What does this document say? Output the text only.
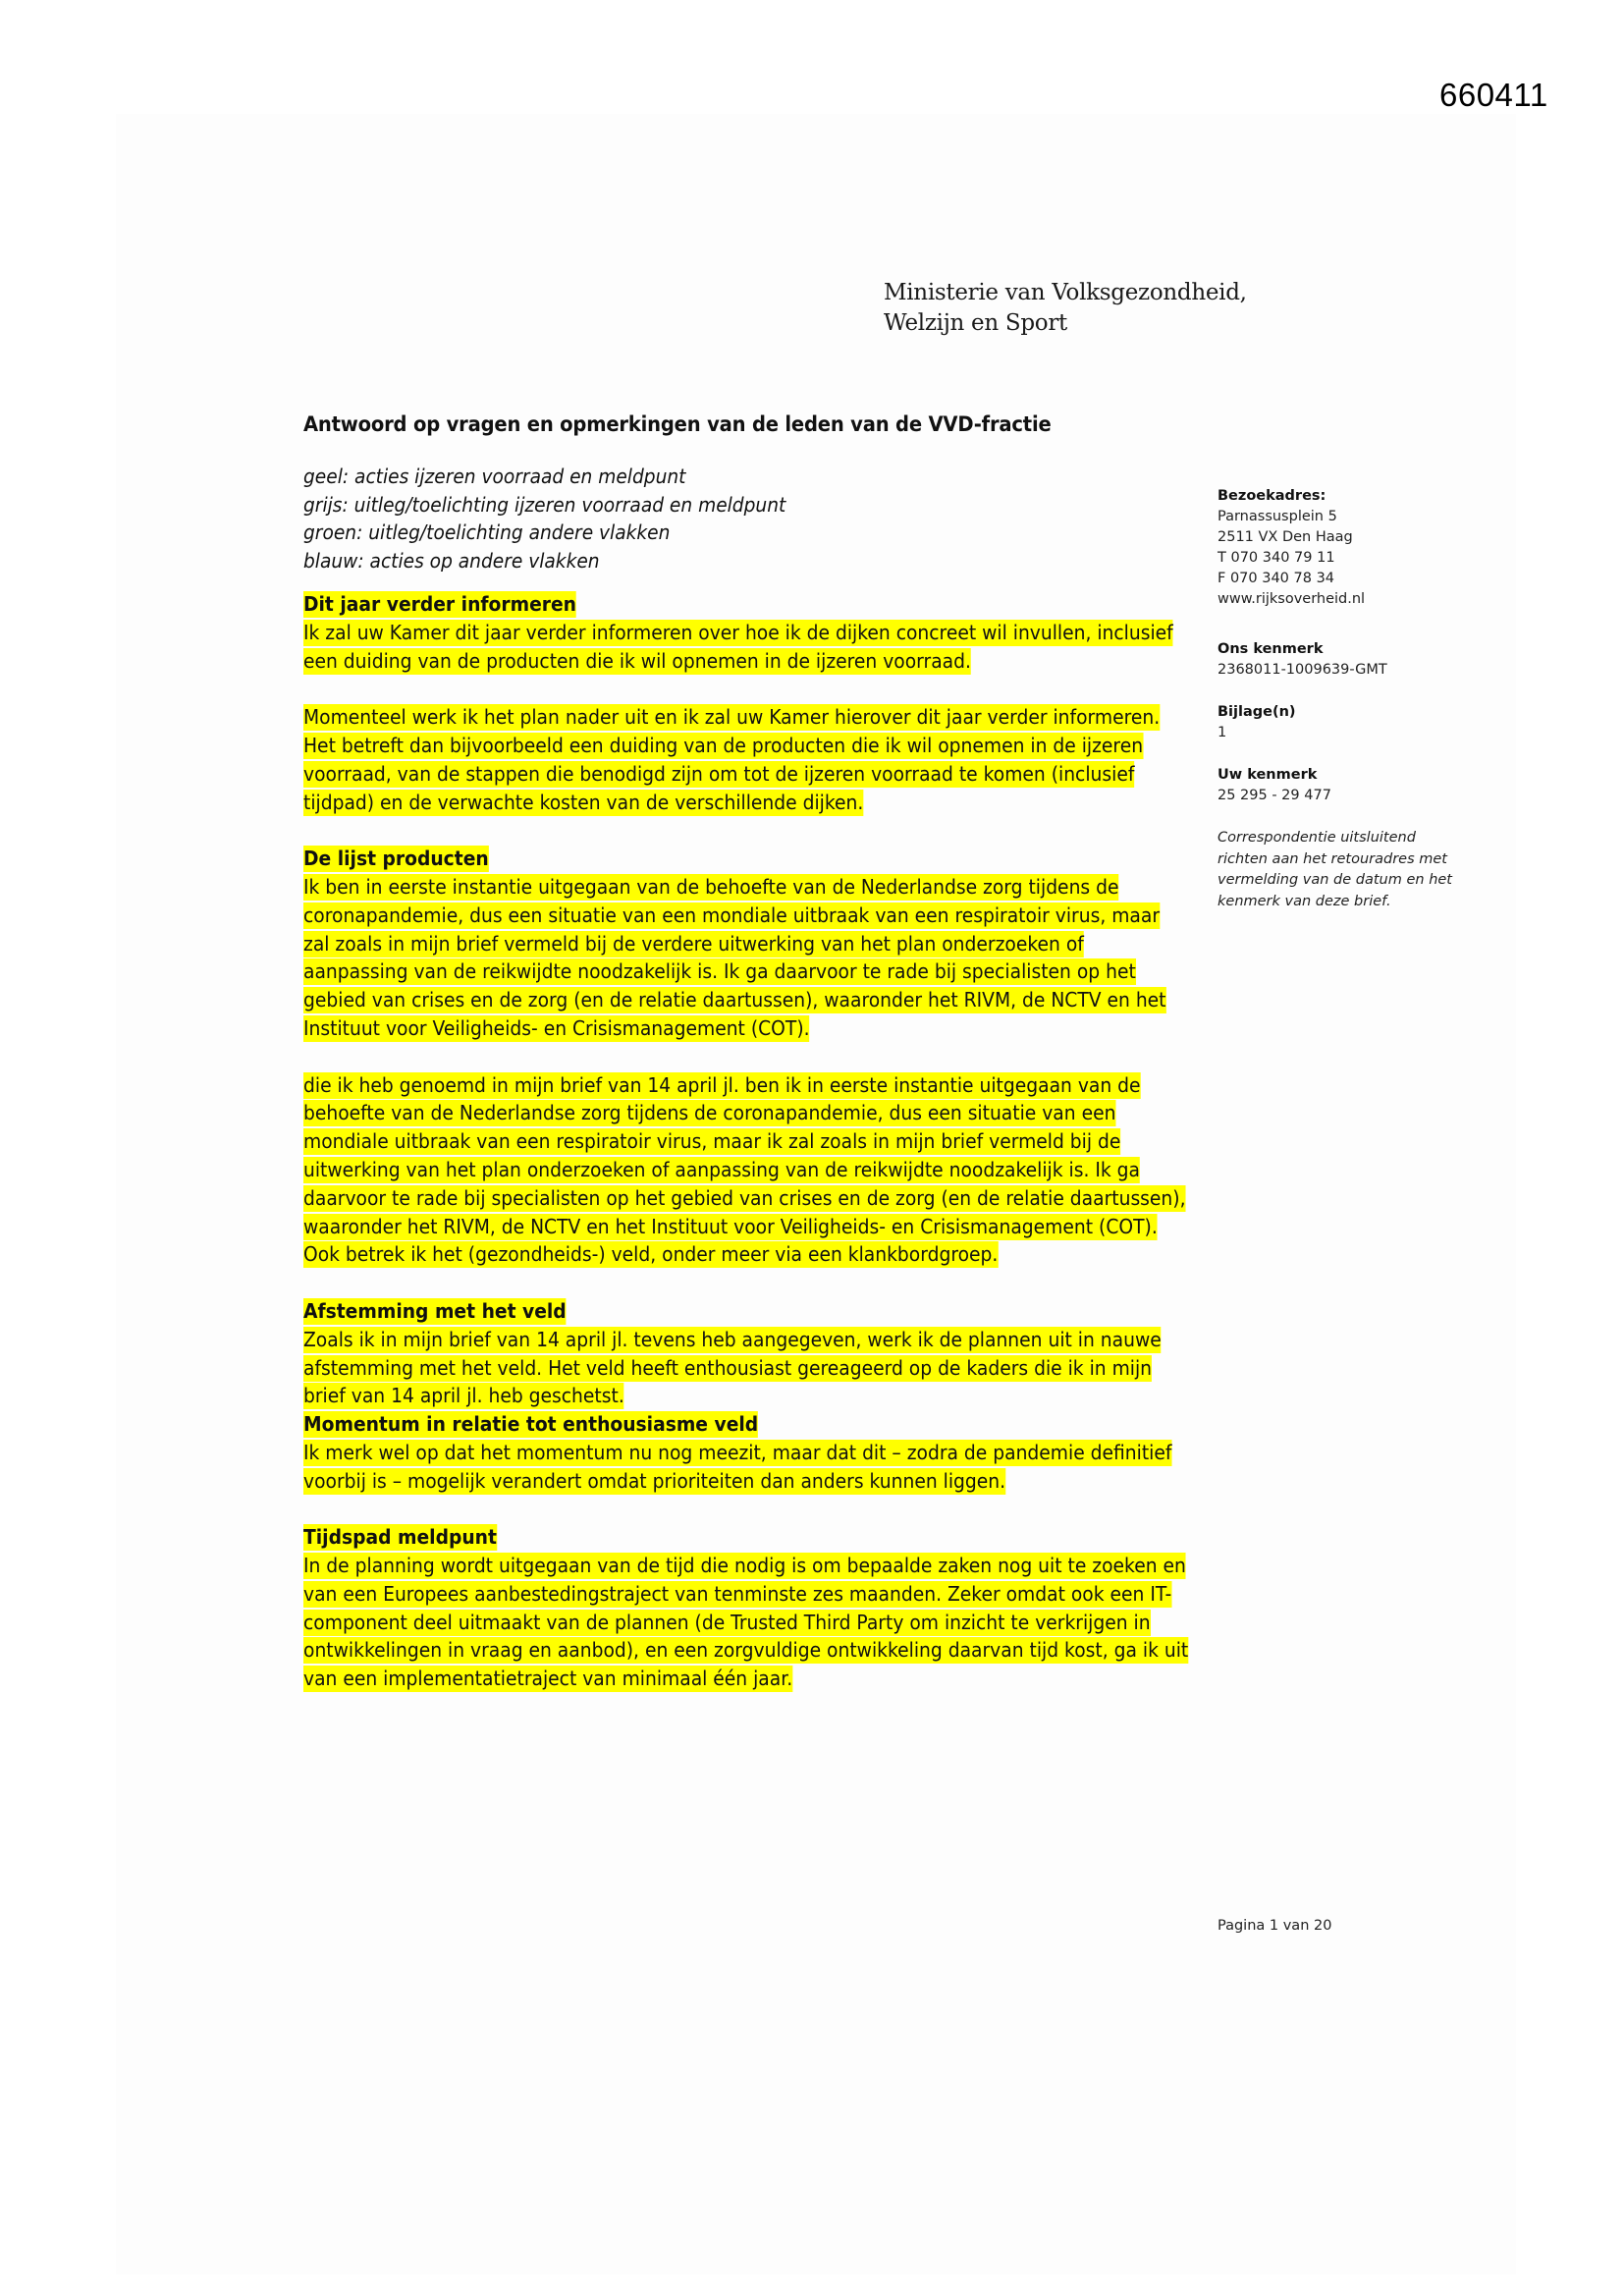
660411
Ministerie van Volksgezondheid,
Welzijn en Sport
Antwoord op vragen en opmerkingen van de leden van de VVD-fractie
geel: acties ijzeren voorraad en meldpunt
grijs: uitleg/toelichting ijzeren voorraad en meldpunt
groen: uitleg/toelichting andere vlakken
blauw: acties op andere vlakken
Dit jaar verder informeren
Ik zal uw Kamer dit jaar verder informeren over hoe ik de dijken concreet wil invullen, inclusief een duiding van de producten die ik wil opnemen in de ijzeren voorraad.
Momenteel werk ik het plan nader uit en ik zal uw Kamer hierover dit jaar verder informeren. Het betreft dan bijvoorbeeld een duiding van de producten die ik wil opnemen in de ijzeren voorraad, van de stappen die benodigd zijn om tot de ijzeren voorraad te komen (inclusief tijdpad) en de verwachte kosten van de verschillende dijken.
De lijst producten
Ik ben in eerste instantie uitgegaan van de behoefte van de Nederlandse zorg tijdens de coronapandemie, dus een situatie van een mondiale uitbraak van een respiratoir virus, maar zal zoals in mijn brief vermeld bij de verdere uitwerking van het plan onderzoeken of aanpassing van de reikwijdte noodzakelijk is. Ik ga daarvoor te rade bij specialisten op het gebied van crises en de zorg (en de relatie daartussen), waaronder het RIVM, de NCTV en het Instituut voor Veiligheids- en Crisismanagement (COT).
die ik heb genoemd in mijn brief van 14 april jl. ben ik in eerste instantie uitgegaan van de behoefte van de Nederlandse zorg tijdens de coronapandemie, dus een situatie van een mondiale uitbraak van een respiratoir virus, maar ik zal zoals in mijn brief vermeld bij de uitwerking van het plan onderzoeken of aanpassing van de reikwijdte noodzakelijk is. Ik ga daarvoor te rade bij specialisten op het gebied van crises en de zorg (en de relatie daartussen), waaronder het RIVM, de NCTV en het Instituut voor Veiligheids- en Crisismanagement (COT). Ook betrek ik het (gezondheids-) veld, onder meer via een klankbordgroep.
Afstemming met het veld
Zoals ik in mijn brief van 14 april jl. tevens heb aangegeven, werk ik de plannen uit in nauwe afstemming met het veld. Het veld heeft enthousiast gereageerd op de kaders die ik in mijn brief van 14 april jl. heb geschetst.
Momentum in relatie tot enthousiasme veld
Ik merk wel op dat het momentum nu nog meezit, maar dat dit – zodra de pandemie definitief voorbij is – mogelijk verandert omdat prioriteiten dan anders kunnen liggen.
Tijdspad meldpunt
In de planning wordt uitgegaan van de tijd die nodig is om bepaalde zaken nog uit te zoeken en van een Europees aanbestedingstraject van tenminste zes maanden. Zeker omdat ook een IT-component deel uitmaakt van de plannen (de Trusted Third Party om inzicht te verkrijgen in ontwikkelingen in vraag en aanbod), en een zorgvuldige ontwikkeling daarvan tijd kost, ga ik uit van een implementatietraject van minimaal één jaar.
Bezoekadres:
Parnassusplein 5
2511 VX Den Haag
T 070 340 79 11
F 070 340 78 34
www.rijksoverheid.nl
Ons kenmerk
2368011-1009639-GMT
Bijlage(n)
1
Uw kenmerk
25 295 - 29 477
Correspondentie uitsluitend richten aan het retouradres met vermelding van de datum en het kenmerk van deze brief.
Pagina 1 van 20
